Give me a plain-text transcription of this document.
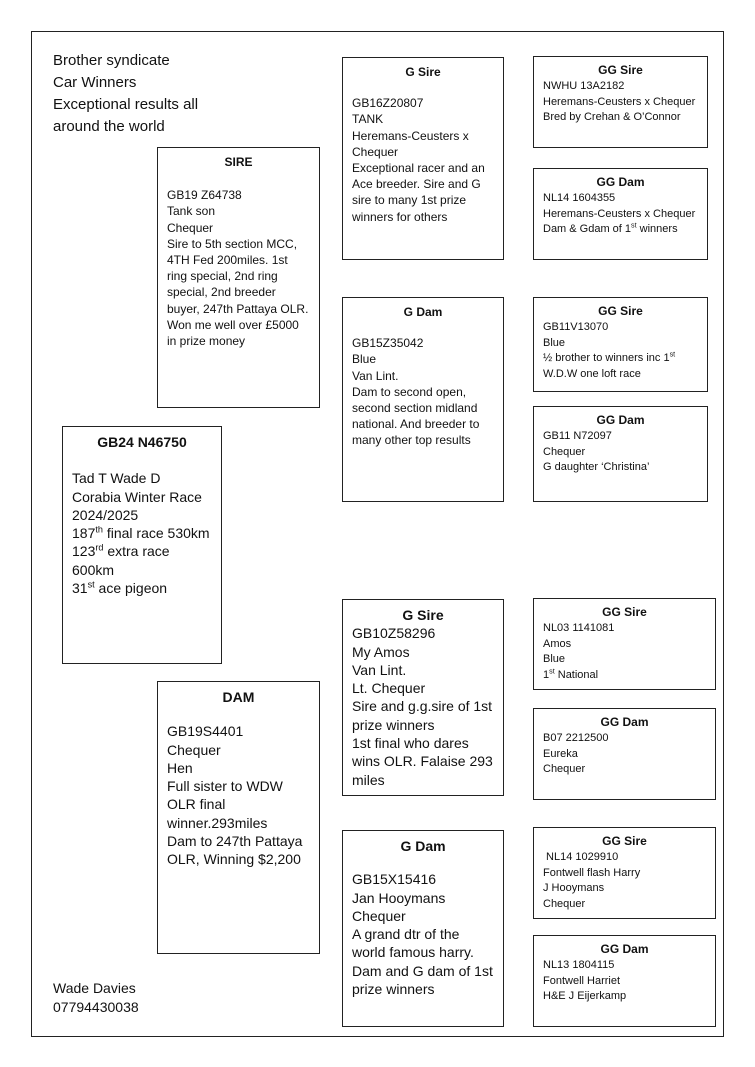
Brother syndicate
Car Winners
Exceptional results all
around the world
GB24 N46750
Tad T Wade D
Corabia Winter Race
2024/2025
187th final race 530km
123rd extra race
600km
31st ace pigeon
SIRE
GB19 Z64738
Tank son
Chequer
Sire to 5th section MCC, 4TH Fed 200miles. 1st ring special, 2nd ring special, 2nd breeder buyer, 247th Pattaya OLR. Won me well over £5000 in prize money
DAM
GB19S4401
Chequer
Hen
Full sister to WDW OLR final winner.293miles
Dam to 247th Pattaya OLR, Winning $2,200
G Sire
GB16Z20807
TANK
Heremans-Ceusters x Chequer
Exceptional racer and an Ace breeder. Sire and G sire to many 1st prize winners for others
G Dam
GB15Z35042
Blue
Van Lint.
Dam to second open, second section midland national. And breeder to many other top results
G Sire
GB10Z58296
My Amos
Van Lint.
Lt. Chequer
Sire and g.g.sire of 1st prize winners
1st final who dares wins OLR. Falaise 293 miles
G Dam
GB15X15416
Jan Hooymans
Chequer
A grand dtr of the world famous harry. Dam and G dam of 1st prize winners
GG Sire
NWHU 13A2182
Heremans-Ceusters x Chequer
Bred by Crehan & O’Connor
GG Dam
NL14 1604355
Heremans-Ceusters x Chequer
Dam & Gdam of 1st winners
GG Sire
GB11V13070
Blue
½ brother to winners inc 1st
W.D.W one loft race
GG Dam
GB11 N72097
Chequer
G daughter ‘Christina’
GG Sire
NL03 1141081
Amos
Blue
1st National
GG Dam
B07 2212500
Eureka
Chequer
GG Sire
NL14 1029910
Fontwell flash Harry
J Hooymans
Chequer
GG Dam
NL13 1804115
Fontwell Harriet
H&E J Eijerkamp
Wade Davies
07794430038
